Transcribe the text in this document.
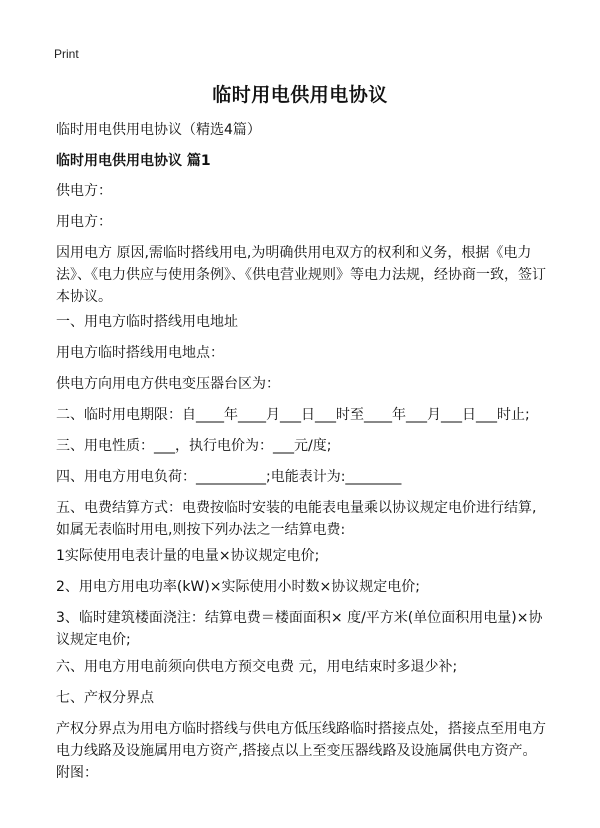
Print
临时用电供用电协议

临时用电供用电协议（精选4篇）

临时用电供用电协议 篇1

供电方：

用电方：

因用电方 原因,需临时搭线用电,为明确供用电双方的权利和义务，根据《电力法》、《电力供应与使用条例》、《供电营业规则》等电力法规，经协商一致，签订本协议。

一、用电方临时搭线用电地址

用电方临时搭线用电地点：

供电方向用电方供电变压器台区为：

二、临时用电期限：自____年____月___日___时至____年___月___日___时止;

三、用电性质：___，执行电价为：___元/度;

四、用电方用电负荷：__________;电能表计为:________

五、电费结算方式：电费按临时安装的电能表电量乘以协议规定电价进行结算,如属无表临时用电,则按下列办法之一结算电费:

1实际使用电表计量的电量×协议规定电价;

2、用电方用电功率(kW)×实际使用小时数×协议规定电价;

3、临时建筑楼面浇注：结算电费＝楼面面积× 度/平方米(单位面积用电量)×协议规定电价;

六、用电方用电前须向供电方预交电费 元，用电结束时多退少补;

七、产权分界点

产权分界点为用电方临时搭线与供电方低压线路临时搭接点处，搭接点至用电方电力线路及设施属用电方资产,搭接点以上至变压器线路及设施属供电方资产。附图：
